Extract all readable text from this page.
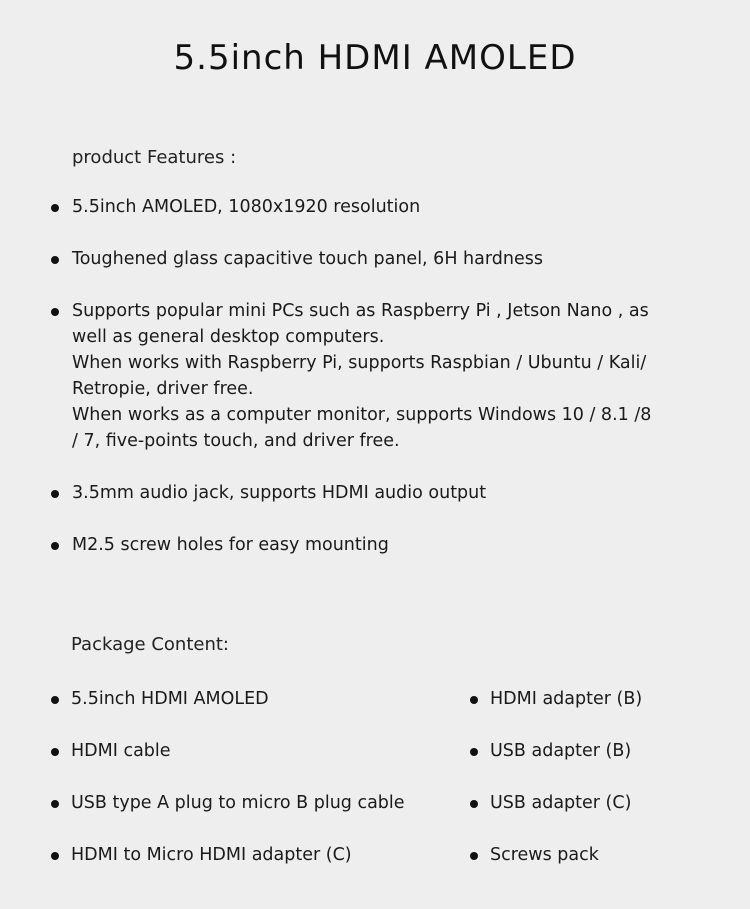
5.5inch HDMI AMOLED
product Features :
5.5inch AMOLED, 1080x1920 resolution
Toughened glass capacitive touch panel, 6H hardness
Supports popular mini PCs such as Raspberry Pi , Jetson Nano , as
well as general desktop computers.
When works with Raspberry Pi, supports Raspbian / Ubuntu / Kali/
Retropie, driver free.
When works as a computer monitor, supports Windows 10 / 8.1 /8
/ 7, five-points touch, and driver free.
3.5mm audio jack, supports HDMI audio output
M2.5 screw holes for easy mounting
Package Content:
5.5inch HDMI AMOLED
HDMI cable
USB type A plug to micro B plug cable
HDMI to Micro HDMI adapter (C)
HDMI adapter (B)
USB adapter (B)
USB adapter (C)
Screws pack
